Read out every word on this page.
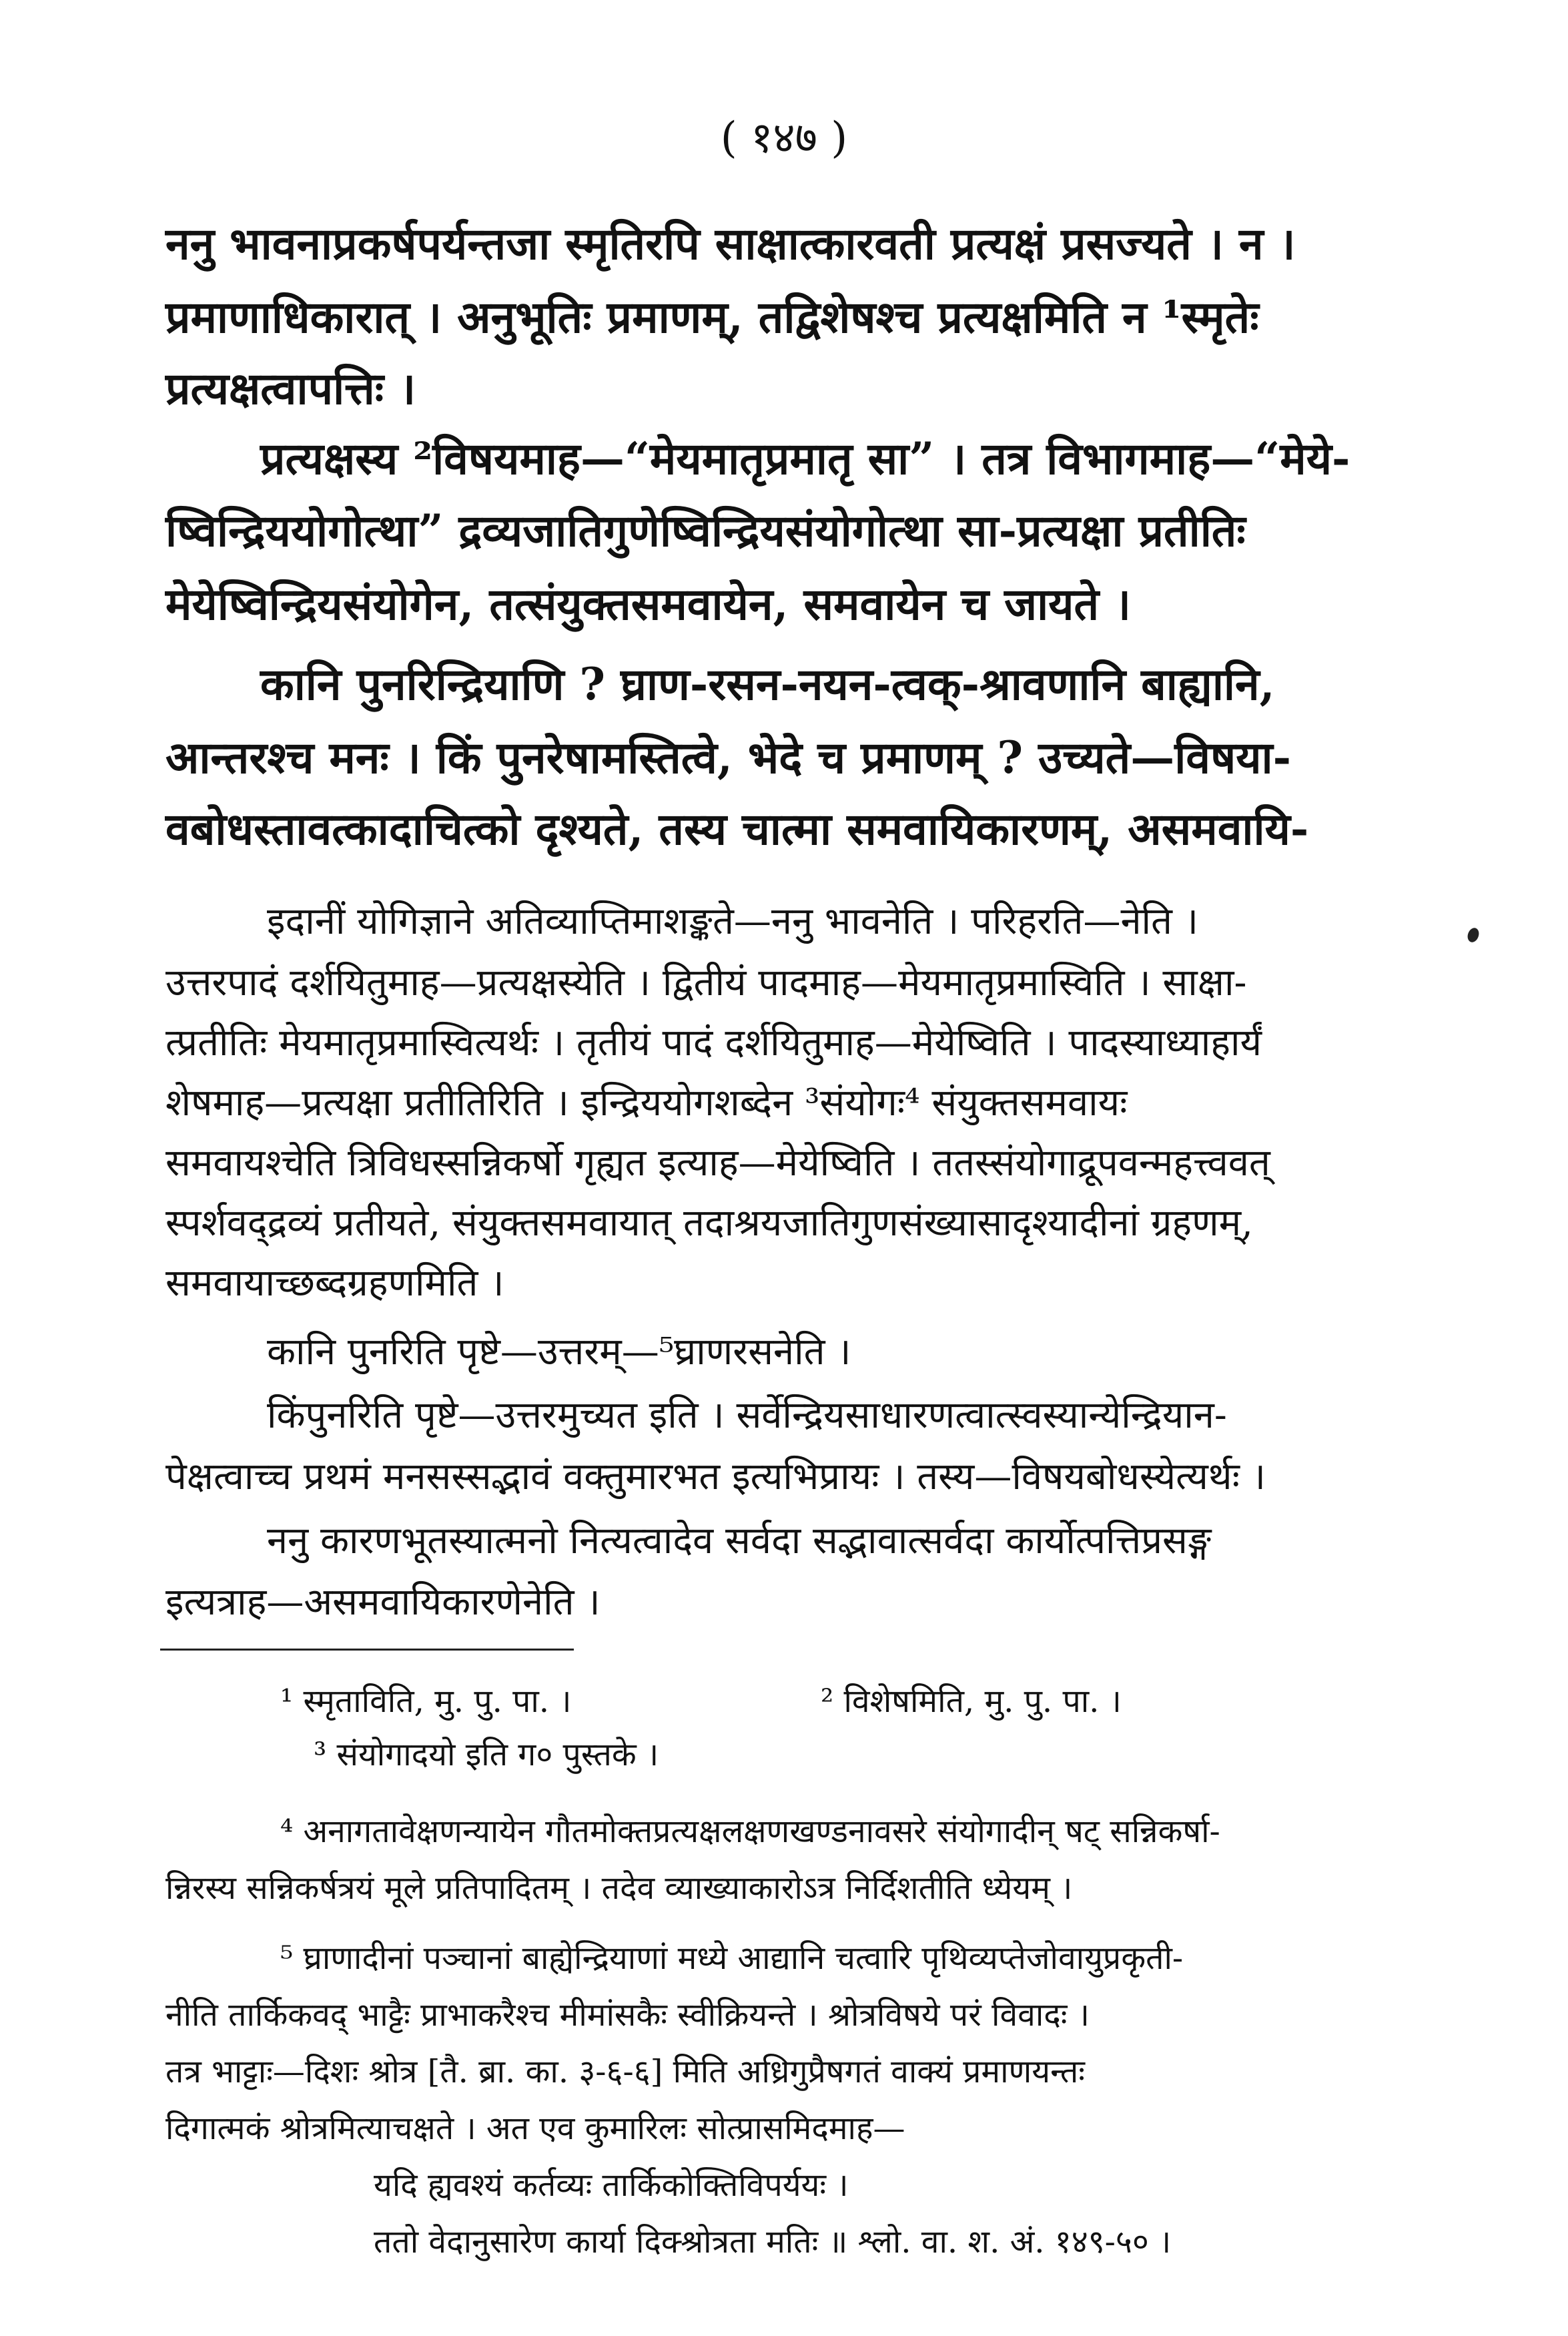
( १४७ )
ननु भावनाप्रकर्षपर्यन्तजा स्मृतिरपि साक्षात्कारवती प्रत्यक्षं प्रसज्यते । न ।
प्रमाणाधिकारात् । अनुभूतिः प्रमाणम्, तद्विशेषश्च प्रत्यक्षमिति न ¹स्मृतेः
प्रत्यक्षत्वापत्तिः ।
प्रत्यक्षस्य ²विषयमाह—“मेयमातृप्रमातृ सा” । तत्र विभागमाह—“मेये-
ष्विन्द्रिययोगोत्था” द्रव्यजातिगुणेष्विन्द्रियसंयोगोत्था सा-प्रत्यक्षा प्रतीतिः
मेयेष्विन्द्रियसंयोगेन, तत्संयुक्तसमवायेन, समवायेन च जायते ।
कानि पुनरिन्द्रियाणि ? घ्राण-रसन-नयन-त्वक्-श्रावणानि बाह्यानि,
आन्तरश्च मनः । किं पुनरेषामस्तित्वे, भेदे च प्रमाणम् ? उच्यते—विषया-
वबोधस्तावत्कादाचित्को दृश्यते, तस्य चात्मा समवायिकारणम्, असमवायि-
इदानीं योगिज्ञाने अतिव्याप्तिमाशङ्कते—ननु भावनेति । परिहरति—नेति ।
उत्तरपादं दर्शयितुमाह—प्रत्यक्षस्येति । द्वितीयं पादमाह—मेयमातृप्रमास्विति । साक्षा-
त्प्रतीतिः मेयमातृप्रमास्वित्यर्थः । तृतीयं पादं दर्शयितुमाह—मेयेष्विति । पादस्याध्याहार्यं
शेषमाह—प्रत्यक्षा प्रतीतिरिति । इन्द्रिययोगशब्देन ³संयोगः⁴ संयुक्तसमवायः
समवायश्चेति त्रिविधस्सन्निकर्षो गृह्यत इत्याह—मेयेष्विति । ततस्संयोगाद्रूपवन्महत्त्ववत्
स्पर्शवद्द्रव्यं प्रतीयते, संयुक्तसमवायात् तदाश्रयजातिगुणसंख्यासादृश्यादीनां ग्रहणम्,
समवायाच्छब्दग्रहणमिति ।
कानि पुनरिति पृष्टे—उत्तरम्—⁵घ्राणरसनेति ।
किंपुनरिति पृष्टे—उत्तरमुच्यत इति । सर्वेन्द्रियसाधारणत्वात्स्वस्यान्येन्द्रियान-
पेक्षत्वाच्च प्रथमं मनसस्सद्भावं वक्तुमारभत इत्यभिप्रायः । तस्य—विषयबोधस्येत्यर्थः ।
ननु कारणभूतस्यात्मनो नित्यत्वादेव सर्वदा सद्भावात्सर्वदा कार्योत्पत्तिप्रसङ्ग
इत्यत्राह—असमवायिकारणेनेति ।
¹ स्मृताविति, मु. पु. पा. ।	² विशेषमिति, मु. पु. पा. ।
³ संयोगादयो इति ग० पुस्तके ।
⁴ अनागतावेक्षणन्यायेन गौतमोक्तप्रत्यक्षलक्षणखण्डनावसरे संयोगादीन् षट् सन्निकर्षा-
न्निरस्य सन्निकर्षत्रयं मूले प्रतिपादितम् । तदेव व्याख्याकारोऽत्र निर्दिशतीति ध्येयम् ।
⁵ घ्राणादीनां पञ्चानां बाह्येन्द्रियाणां मध्ये आद्यानि चत्वारि पृथिव्यप्तेजोवायुप्रकृती-
नीति तार्किकवद् भाट्टैः प्राभाकरैश्च मीमांसकैः स्वीक्रियन्ते । श्रोत्रविषये परं विवादः ।
तत्र भाट्टाः—दिशः श्रोत्र [तै. ब्रा. का. ३-६-६] मिति अध्रिगुप्रैषगतं वाक्यं प्रमाणयन्तः
दिगात्मकं श्रोत्रमित्याचक्षते । अत एव कुमारिलः सोत्प्रासमिदमाह—
यदि ह्यवश्यं कर्तव्यः तार्किकोक्तिविपर्ययः ।
ततो वेदानुसारेण कार्या दिक्श्रोत्रता मतिः ॥ श्लो. वा. श. अं. १४९-५० ।
